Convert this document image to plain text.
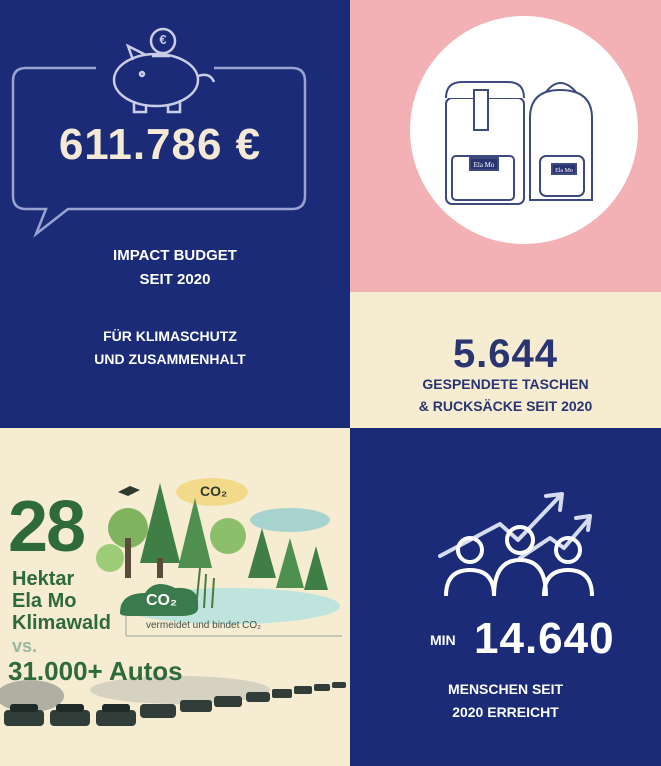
€
611.786 €
IMPACT BUDGET
SEIT 2020
FÜR KLIMASCHUTZ
UND ZUSAMMENHALT
Ela Mo
Ela Mo
5.644
GESPENDETE TASCHEN
& RUCKSÄCKE SEIT 2020
CO₂
CO₂
28
Hektar
Ela Mo
Klimawald
vs.
31.000+ Autos
vermeidet und bindet CO₂
MIN 14.640
MENSCHEN SEIT
2020 ERREICHT
